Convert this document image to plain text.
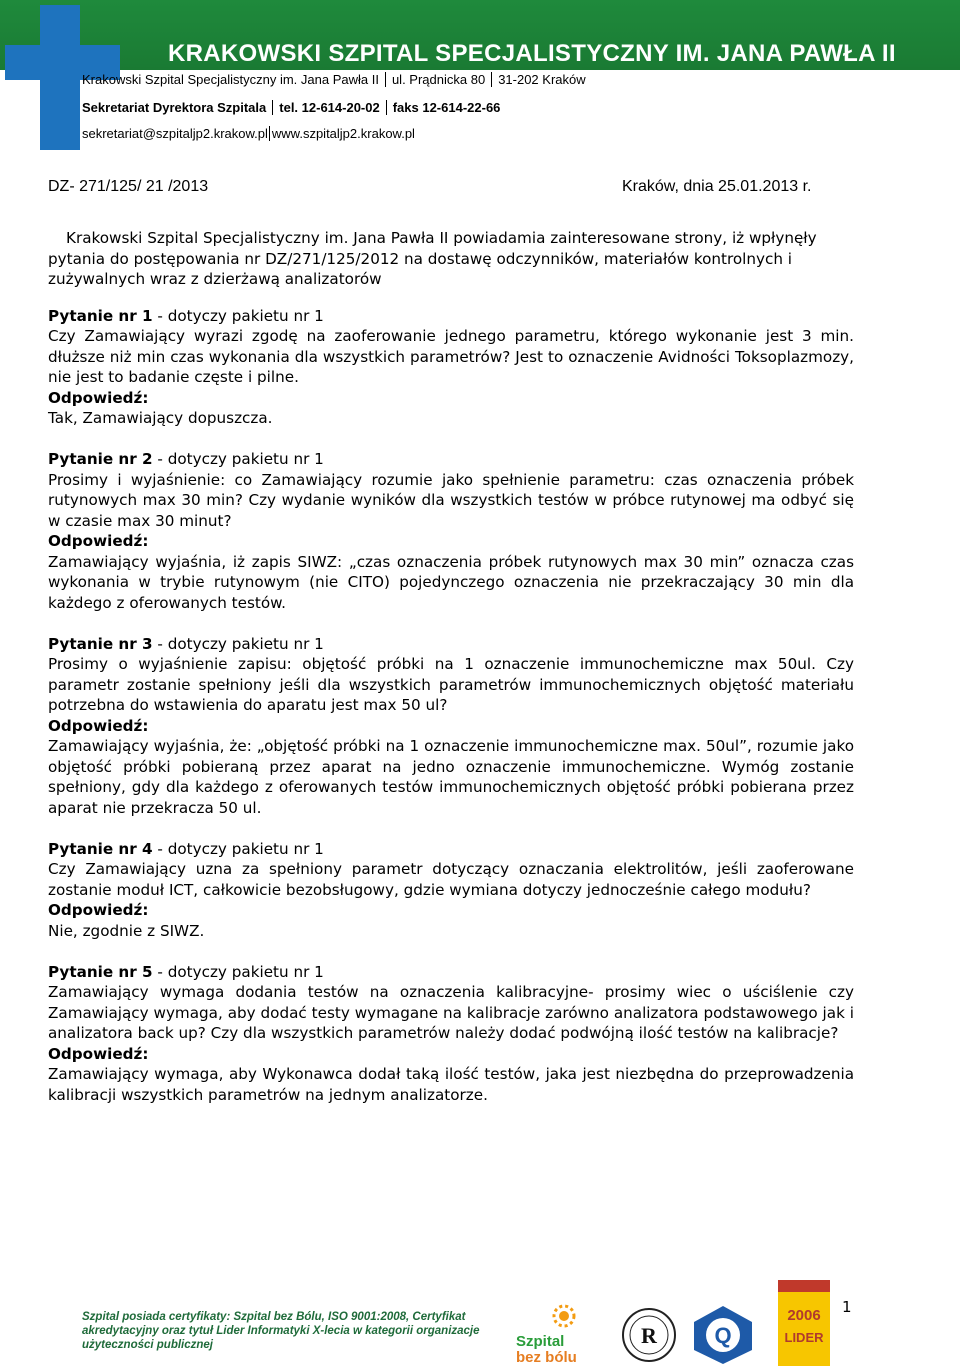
KRAKOWSKI SZPITAL SPECJALISTYCZNY IM. JANA PAWŁA II
Krakowski Szpital Specjalistyczny im. Jana Pawła II ul. Prądnicka 80 31-202 Kraków
Sekretariat Dyrektora Szpitala tel. 12-614-20-02 faks 12-614-22-66
sekretariat@szpitaljp2.krakow.pl www.szpitaljp2.krakow.pl
DZ- 271/125/ 21 /2013	Kraków, dnia 25.01.2013 r.

Krakowski Szpital Specjalistyczny im. Jana Pawła II powiadamia zainteresowane strony, iż wpłynęły pytania do postępowania nr DZ/271/125/2012 na dostawę odczynników, materiałów kontrolnych i zużywalnych wraz z dzierżawą analizatorów

Pytanie nr 1 - dotyczy pakietu nr 1

Czy Zamawiający wyrazi zgodę na zaoferowanie jednego parametru, którego wykonanie jest 3 min. dłuższe niż min czas wykonania dla wszystkich parametrów? Jest to oznaczenie Avidności Toksoplazmozy, nie jest to badanie częste i pilne.

Odpowiedź:

Tak, Zamawiający dopuszcza.

Pytanie nr 2 - dotyczy pakietu nr 1

Prosimy i wyjaśnienie: co Zamawiający rozumie jako spełnienie parametru: czas oznaczenia próbek rutynowych max 30 min? Czy wydanie wyników dla wszystkich testów w próbce rutynowej ma odbyć się w czasie max 30 minut?

Odpowiedź:

Zamawiający wyjaśnia, iż zapis SIWZ: „czas oznaczenia próbek rutynowych max 30 min” oznacza czas wykonania w trybie rutynowym (nie CITO) pojedynczego oznaczenia nie przekraczający 30 min dla każdego z oferowanych testów.

Pytanie nr 3 - dotyczy pakietu nr 1

Prosimy o wyjaśnienie zapisu: objętość próbki na 1 oznaczenie immunochemiczne max 50ul. Czy parametr zostanie spełniony jeśli dla wszystkich parametrów immunochemicznych objętość materiału potrzebna do wstawienia do aparatu jest max 50 ul?

Odpowiedź:

Zamawiający wyjaśnia, że: „objętość próbki na 1 oznaczenie immunochemiczne max. 50ul”, rozumie jako objętość próbki pobieraną przez aparat na jedno oznaczenie immunochemiczne. Wymóg zostanie spełniony, gdy dla każdego z oferowanych testów immunochemicznych objętość próbki pobierana przez aparat nie przekracza 50 ul.

Pytanie nr 4 - dotyczy pakietu nr 1

Czy Zamawiający uzna za spełniony parametr dotyczący oznaczania elektrolitów, jeśli zaoferowane zostanie moduł ICT, całkowicie bezobsługowy, gdzie wymiana dotyczy jednocześnie całego modułu?

Odpowiedź:

Nie, zgodnie z SIWZ.

Pytanie nr 5 - dotyczy pakietu nr 1

Zamawiający wymaga dodania testów na oznaczenia kalibracyjne- prosimy wiec o uściślenie czy Zamawiający wymaga, aby dodać testy wymagane na kalibracje zarówno analizatora podstawowego jak i analizatora back up? Czy dla wszystkich parametrów należy dodać podwójną ilość testów na kalibracje?

Odpowiedź:

Zamawiający wymaga, aby Wykonawca dodał taką ilość testów, jaka jest niezbędna do przeprowadzenia kalibracji wszystkich parametrów na jednym analizatorze.

1
Szpital posiada certyfikaty: Szpital bez Bólu, ISO 9001:2008, Certyfikat akredytacyjny oraz tytuł Lider Informatyki X-lecia w kategorii organizacje użyteczności publicznej	Szpital
bez bólu
R	Q
2006
LIDER
